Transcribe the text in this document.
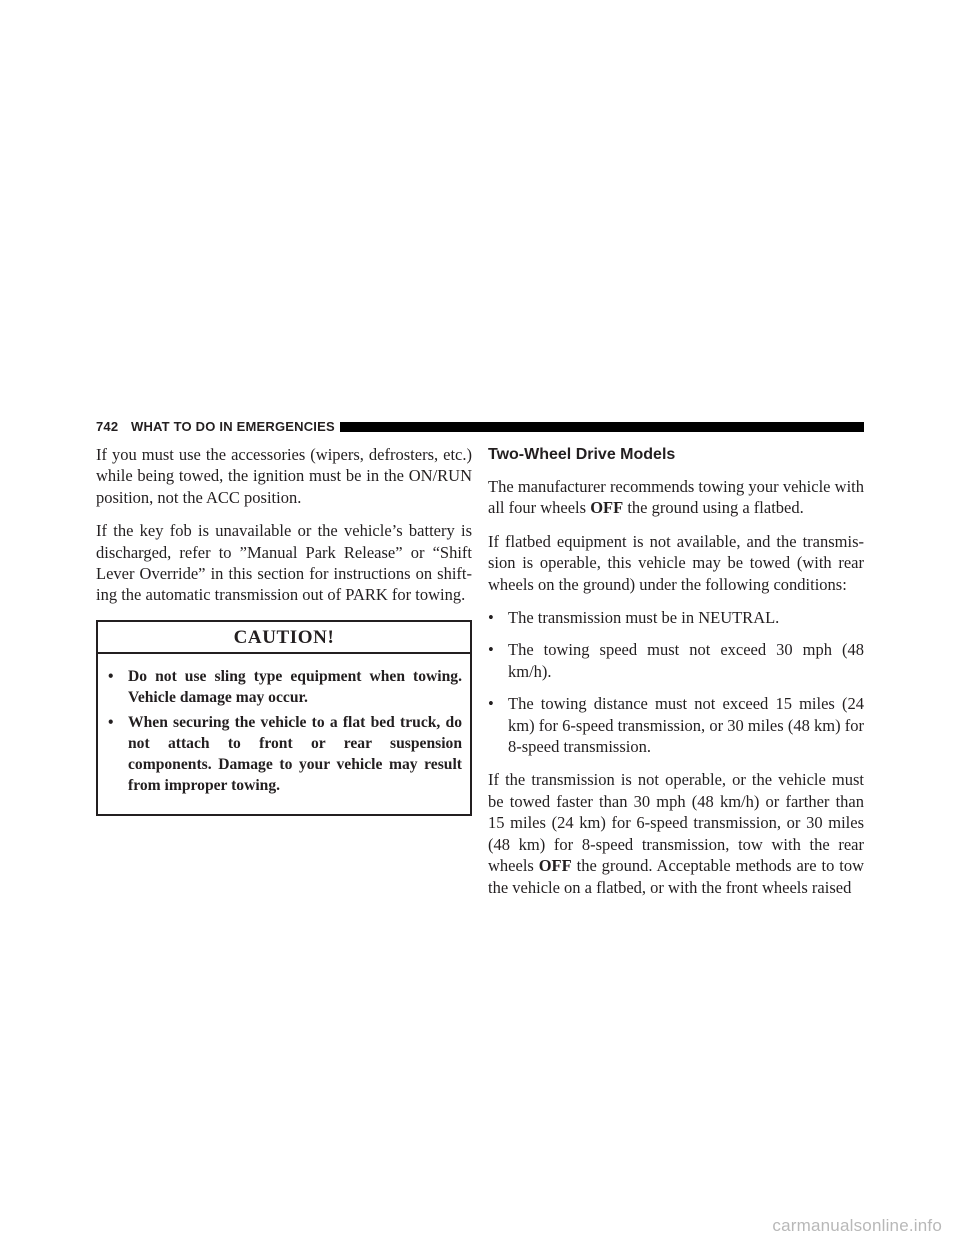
742 WHAT TO DO IN EMERGENCIES

If you must use the accessories (wipers, defrosters, etc.) while being towed, the ignition must be in the ON/RUN position, not the ACC position.

If the key fob is unavailable or the vehicle’s battery is discharged, refer to ”Manual Park Release” or “Shift Lever Override” in this section for instructions on shift-ing the automatic transmission out of PARK for towing.

CAUTION!
• Do not use sling type equipment when towing. Vehicle damage may occur.
• When securing the vehicle to a flat bed truck, do not attach to front or rear suspension components. Damage to your vehicle may result from improper towing.
Two-Wheel Drive Models

The manufacturer recommends towing your vehicle with all four wheels OFF the ground using a flatbed.

If flatbed equipment is not available, and the transmis-sion is operable, this vehicle may be towed (with rear wheels on the ground) under the following conditions:

• The transmission must be in NEUTRAL.
• The towing speed must not exceed 30 mph (48 km/h).
• The towing distance must not exceed 15 miles (24 km) for 6-speed transmission, or 30 miles (48 km) for 8-speed transmission.

If the transmission is not operable, or the vehicle must be towed faster than 30 mph (48 km/h) or farther than 15 miles (24 km) for 6-speed transmission, or 30 miles (48 km) for 8-speed transmission, tow with the rear wheels OFF the ground. Acceptable methods are to tow the vehicle on a flatbed, or with the front wheels raised

carmanualsonline.info
